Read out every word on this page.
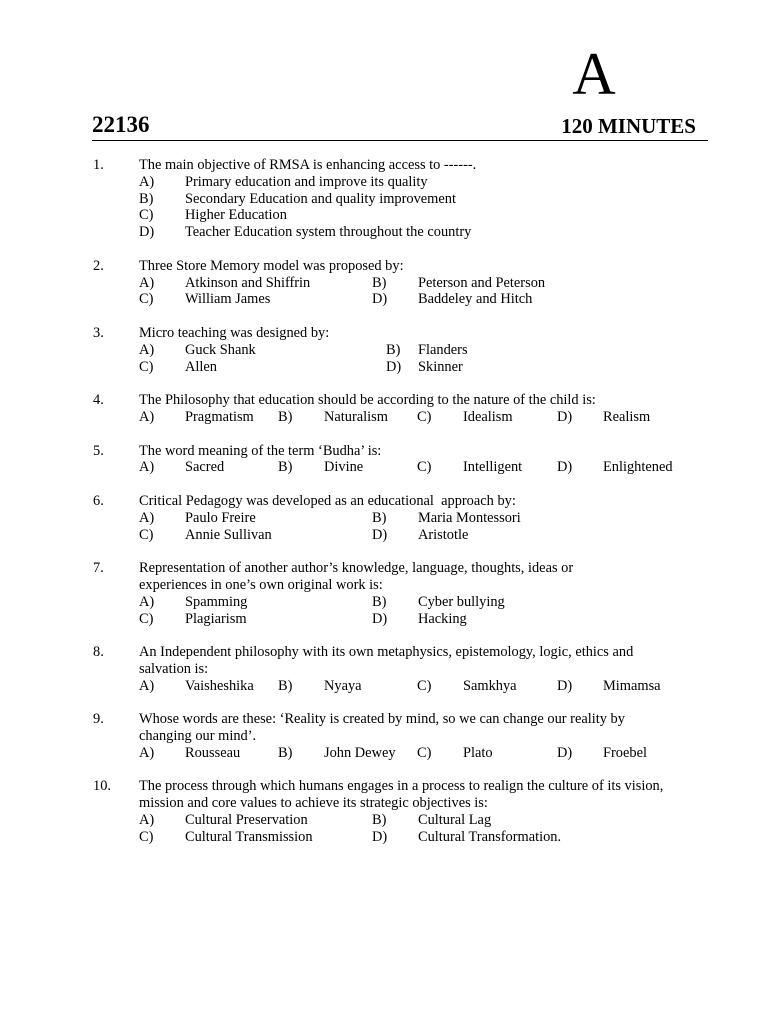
A
22136	120 MINUTES
1. The main objective of RMSA is enhancing access to ------.
A) Primary education and improve its quality
B) Secondary Education and quality improvement
C) Higher Education
D) Teacher Education system throughout the country
2. Three Store Memory model was proposed by:
A) Atkinson and Shiffrin	B) Peterson and Peterson
C) William James	D) Baddeley and Hitch
3. Micro teaching was designed by:
A) Guck Shank	B) Flanders
C) Allen	D) Skinner
4. The Philosophy that education should be according to the nature of the child is:
A) Pragmatism B) Naturalism C) Idealism	D) Realism
5. The word meaning of the term ‘Budha’ is:
A) Sacred	B) Divine	C) Intelligent D) Enlightened
6. Critical Pedagogy was developed as an educational  approach by:
A) Paulo Freire	B) Maria Montessori
C) Annie Sullivan	D) Aristotle
7. Representation of another author’s knowledge, language, thoughts, ideas or experiences in one’s own original work is:
A) Spamming	B) Cyber bullying
C) Plagiarism	D) Hacking
8. An Independent philosophy with its own metaphysics, epistemology, logic, ethics and salvation is:
A) Vaisheshika B) Nyaya	C) Samkhya	D) Mimamsa
9. Whose words are these: ‘Reality is created by mind, so we can change our reality by changing our mind’.
A) Rousseau	B) John Dewey C) Plato	D) Froebel
10. The process through which humans engages in a process to realign the culture of its vision, mission and core values to achieve its strategic objectives is:
A) Cultural Preservation	B) Cultural Lag
C) Cultural Transmission	D) Cultural Transformation.
